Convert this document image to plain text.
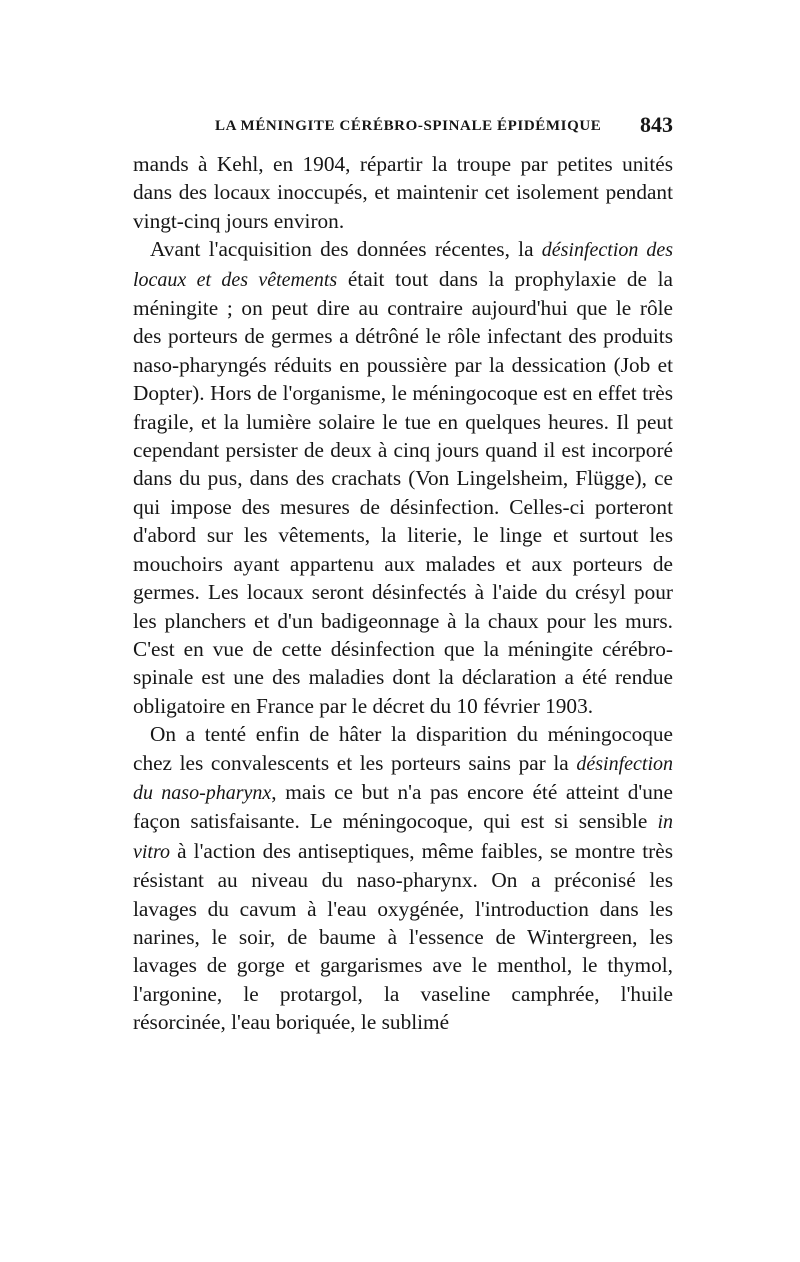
LA MÉNINGITE CÉRÉBRO-SPINALE ÉPIDÉMIQUE 843

mands à Kehl, en 1904, répartir la troupe par petites unités dans des locaux inoccupés, et maintenir cet isolement pendant vingt-cinq jours environ.

Avant l'acquisition des données récentes, la désinfection des locaux et des vêtements était tout dans la prophylaxie de la méningite ; on peut dire au contraire aujourd'hui que le rôle des porteurs de germes a détrôné le rôle infectant des produits naso-pharyngés réduits en poussière par la dessication (Job et Dopter). Hors de l'organisme, le méningocoque est en effet très fragile, et la lumière solaire le tue en quelques heures. Il peut cependant persister de deux à cinq jours quand il est incorporé dans du pus, dans des crachats (Von Lingelsheim, Flügge), ce qui impose des mesures de désinfection. Celles-ci porteront d'abord sur les vêtements, la literie, le linge et surtout les mouchoirs ayant appartenu aux malades et aux porteurs de germes. Les locaux seront désinfectés à l'aide du crésyl pour les planchers et d'un badigeonnage à la chaux pour les murs. C'est en vue de cette désinfection que la méningite cérébro-spinale est une des maladies dont la déclaration a été rendue obligatoire en France par le décret du 10 février 1903.

On a tenté enfin de hâter la disparition du méningocoque chez les convalescents et les porteurs sains par la désinfection du naso-pharynx, mais ce but n'a pas encore été atteint d'une façon satisfaisante. Le méningocoque, qui est si sensible in vitro à l'action des antiseptiques, même faibles, se montre très résistant au niveau du naso-pharynx. On a préconisé les lavages du cavum à l'eau oxygénée, l'introduction dans les narines, le soir, de baume à l'essence de Wintergreen, les lavages de gorge et gargarismes ave le menthol, le thymol, l'argonine, le protargol, la vaseline camphrée, l'huile résorcinée, l'eau boriquée, le sublimé
